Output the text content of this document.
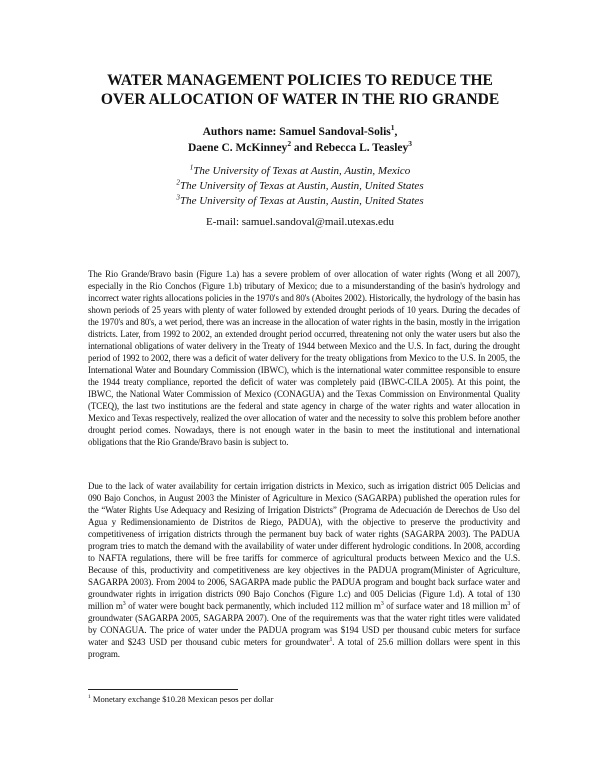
WATER MANAGEMENT POLICIES TO REDUCE THE
OVER ALLOCATION OF WATER IN THE RIO GRANDE
Authors name: Samuel Sandoval-Solis$^1$,
Daene C. McKinney$^2$ and Rebecca L. Teasley$^3$
$^1$The University of Texas at Austin, Austin, Mexico
$^2$The University of Texas at Austin, Austin, United States
$^3$The University of Texas at Austin, Austin, United States
E-mail: samuel.sandoval@mail.utexas.edu

The Rio Grande/Bravo basin (Figure 1.a) has a severe problem of over allocation of water rights (Wong et all 2007), especially in the Rio Conchos (Figure 1.b) tributary of Mexico; due to a misunderstanding of the basin's hydrology and incorrect water rights allocations policies in the 1970's and 80's (Aboites 2002). Historically, the hydrology of the basin has shown periods of 25 years with plenty of water followed by extended drought periods of 10 years. During the decades of the 1970's and 80's, a wet period, there was an increase in the allocation of water rights in the basin, mostly in the irrigation districts. Later, from 1992 to 2002, an extended drought period occurred, threatening not only the water users but also the international obligations of water delivery in the Treaty of 1944 between Mexico and the U.S. In fact, during the drought period of 1992 to 2002, there was a deficit of water delivery for the treaty obligations from Mexico to the U.S. In 2005, the International Water and Boundary Commission (IBWC), which is the international water committee responsible to ensure the 1944 treaty compliance, reported the deficit of water was completely paid (IBWC-CILA 2005). At this point, the IBWC, the National Water Commission of Mexico (CONAGUA) and the Texas Commission on Environmental Quality (TCEQ), the last two institutions are the federal and state agency in charge of the water rights and water allocation in Mexico and Texas respectively, realized the over allocation of water and the necessity to solve this problem before another drought period comes. Nowadays, there is not enough water in the basin to meet the institutional and international obligations that the Rio Grande/Bravo basin is subject to.

Due to the lack of water availability for certain irrigation districts in Mexico, such as irrigation district 005 Delicias and 090 Bajo Conchos, in August 2003 the Minister of Agriculture in Mexico (SAGARPA) published the operation rules for the “Water Rights Use Adequacy and Resizing of Irrigation Districts” (Programa de Adecuación de Derechos de Uso del Agua y Redimensionamiento de Distritos de Riego, PADUA), with the objective to preserve the productivity and competitiveness of irrigation districts through the permanent buy back of water rights (SAGARPA 2003). The PADUA program tries to match the demand with the availability of water under different hydrologic conditions. In 2008, according to NAFTA regulations, there will be free tariffs for commerce of agricultural products between Mexico and the U.S. Because of this, productivity and competitiveness are key objectives in the PADUA program(Minister of Agriculture, SAGARPA 2003). From 2004 to 2006, SAGARPA made public the PADUA program and bought back surface water and groundwater rights in irrigation districts 090 Bajo Conchos (Figure 1.c) and 005 Delicias (Figure 1.d). A total of 130 million $m^3$ of water were bought back permanently, which included 112 million $m^3$ of surface water and 18 million $m^3$ of groundwater (SAGARPA 2005, SAGARPA 2007). One of the requirements was that the water right titles were validated by CONAGUA. The price of water under the PADUA program was $194 USD per thousand cubic meters for surface water and $243 USD per thousand cubic meters for groundwater$^1$. A total of 25.6 million dollars were spent in this program.

$^1$ Monetary exchange $10.28 Mexican pesos per dollar
